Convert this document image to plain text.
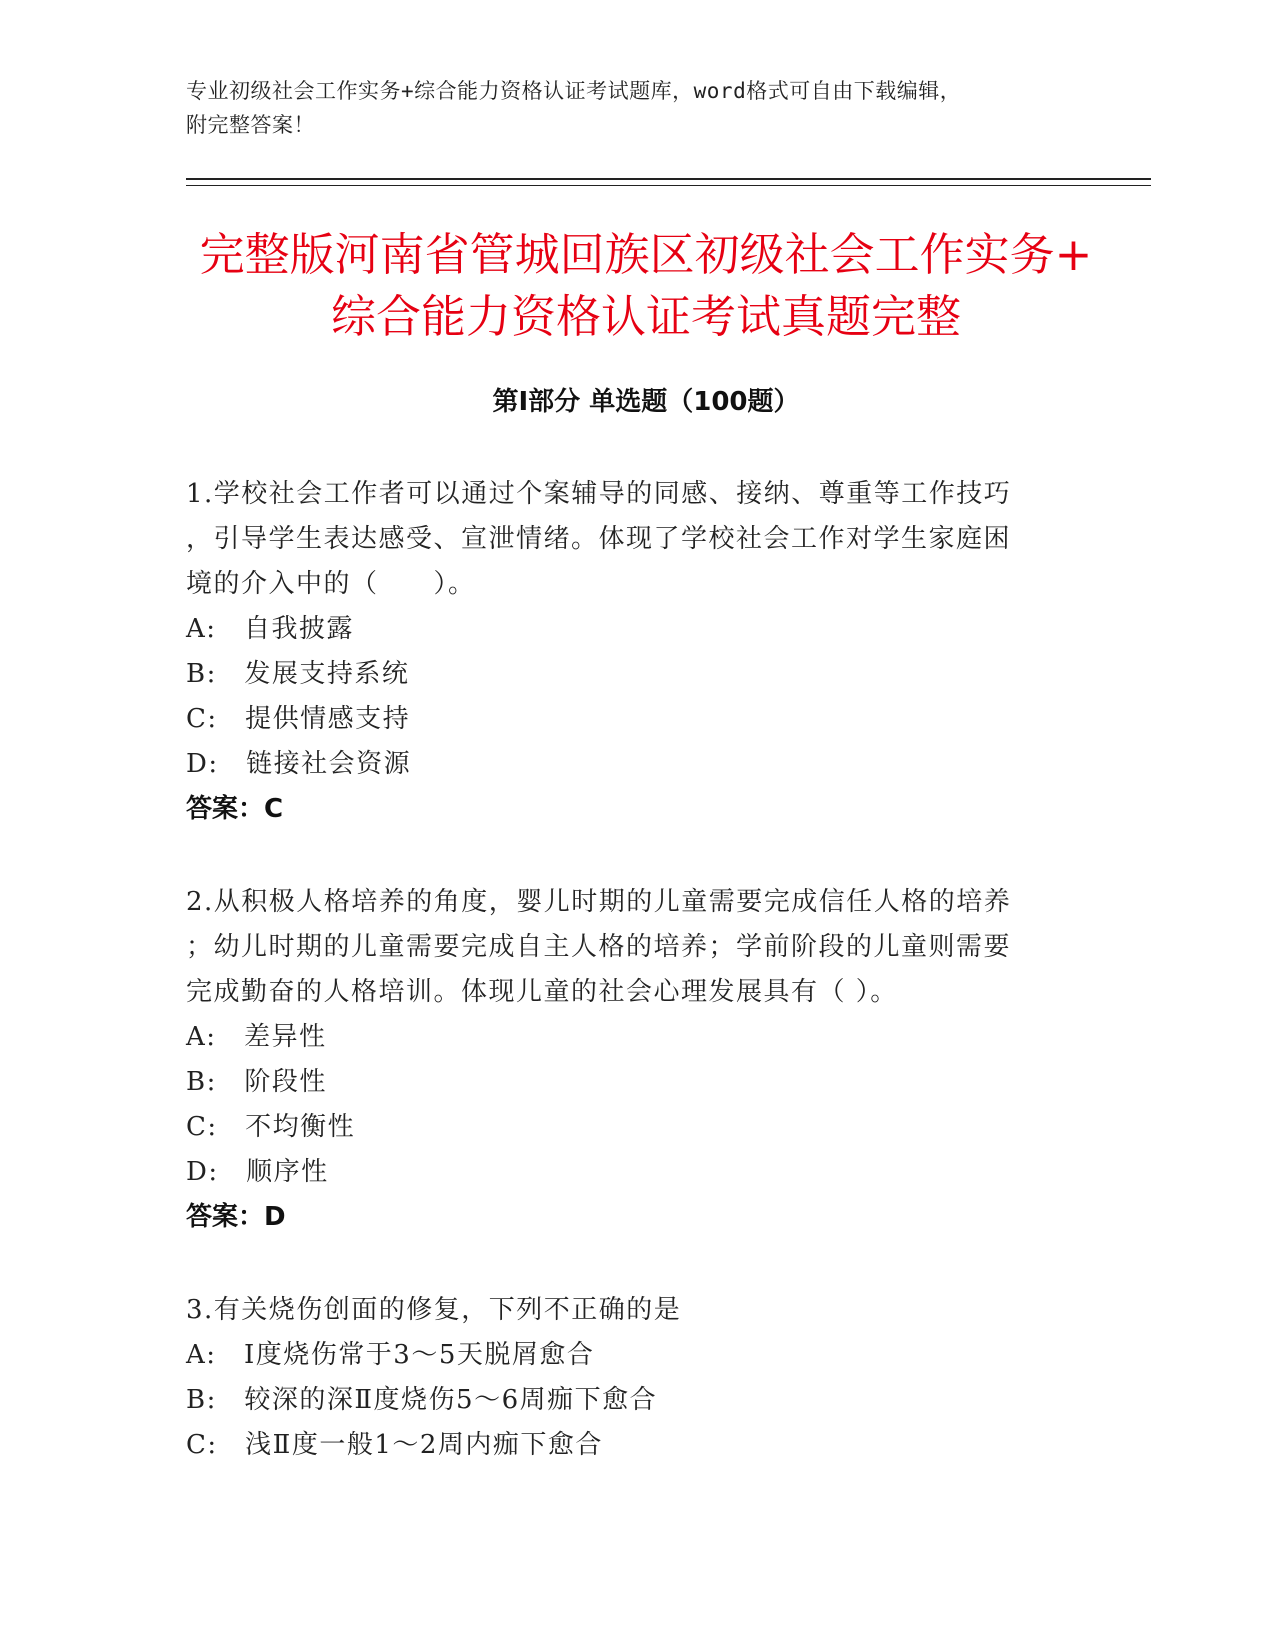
专业初级社会工作实务+综合能力资格认证考试题库，word格式可自由下载编辑，
附完整答案！
完整版河南省管城回族区初级社会工作实务+
综合能力资格认证考试真题完整
第Ⅰ部分 单选题（100题）

1.学校社会工作者可以通过个案辅导的同感、接纳、尊重等工作技巧

，引导学生表达感受、宣泄情绪。体现了学校社会工作对学生家庭困

境的介入中的（　　）。

A:　自我披露

B:　发展支持系统

C:　提供情感支持

D:　链接社会资源

答案：C

2.从积极人格培养的角度，婴儿时期的儿童需要完成信任人格的培养

；幼儿时期的儿童需要完成自主人格的培养；学前阶段的儿童则需要

完成勤奋的人格培训。体现儿童的社会心理发展具有（ ）。

A:　差异性

B:　阶段性

C:　不均衡性

D:　顺序性

答案：D

3.有关烧伤创面的修复，下列不正确的是

A:　Ⅰ度烧伤常于3～5天脱屑愈合

B:　较深的深Ⅱ度烧伤5～6周痂下愈合

C:　浅Ⅱ度一般1～2周内痂下愈合
